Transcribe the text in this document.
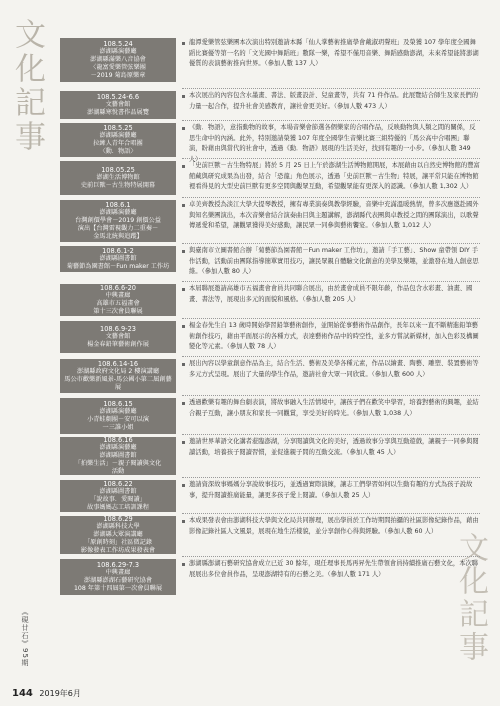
文化記事
文化記事
《硯廿石》95期
108.5.24
澎湖縣演藝廳
澎湖縣滿樂八音協會
〈龍富愛樂管弦樂團
－2019 菊島原樂章
龍潭愛樂管弦樂團本次演出特別邀請本縣「仙人掌藝術推廣學會戴淑玥聲班」及榮獲 107 學年度全國舞蹈比賽優等第一名的「文光國中舞蹈班」數隊一樂，希望不僅用音樂、舞蹈感動澎湖，未來希望能將澎湖優質的表演藝術推向世界。（參加人數 137 人）
108.5.24-6.6
文藝會館
澎湖縣寒悅書作品展覽
本次展出的內容包含水墨畫、書法、版畫設計、兒童畫等，共有 71 件作品。此展覽結合師生及家長們的力量一起合作，提升社會美感教育，讓社會更美好。（參加人數 473 人）
108.5.25
澎湖縣演藝廳
拉縴人青年合唱團
〈動．物語〉
《動．物語》，意指動物的故事，本場音樂會節選各個樂家的合唱作品，反映動物與人類之間的關係，反思生命中的內涵。此外，特別邀請榮獲 107 年度全國學生音樂比賽三組特優的「馬公高中合唱團」聯演，盼藉由與當代的社會中，透過《動．物語》展現的生活美好，找到有趣的一小步。（參加人數 349 人）
108.05.25
澎湖生活博物館
史前巨獸－古生物特展開幕
「史前巨獸－古生物特展」將於 5 月 25 日上午於澎湖生活博物館開展，本展藉由以自然史博物館的豐富館藏與研究成果為出發，結合「恐龍」角色展示，透過「史前巨獸－古生物」特展，讓平常只能在博物館裡看得見的大型史前巨獸有更多空間與觀眾互動，希望觀眾能有更深入的認識。（參加人數 1,302 人）
108.6.1
澎湖縣演藝廳
台灣創價學會－2019 創價公益
演出【台灣雷視觀力二重奏－
金馬北統與追蹤】
卓美齊教授為淡江大學大提琴教授，擁有專業演奏與教學經驗，音樂中充滿溫暖熱情，曾多次應邀赴國外與知名樂團演出，本次音樂會結合演奏曲目與主題講解，澎湖縣代表團與卓教授之間的團隊演出，以歌聲傳遞愛和希望，讓觀眾獲得美好感動，讓民眾一同參與藝術饗宴。（參加人數 1,012 人）
108.6.1-2
澎湖縣圖書館
菊藝節為園書館－Fun maker 工作坊
與臺南市立圖書館合辦「菊藝節為園書館－Fun maker 工作坊」，邀請「手工藝」、Show 童帶領 DIY 手作活動，活動前由團隊指導簡單實用技巧，讓民眾親自體驗文化創意的美學及樂趣，並激發在地人創意思維。（參加人數 80 人）
108.6.6-20
中興畫廊
高雄市五福畫會
第十三次會員聯展
本屆聯展邀請高雄市五福畫會會員共同聯合展出，由於畫會成員不限年齡，作品包含水彩畫、油畫、國畫、書法等，展現出多元的面貌和風格。（參加人數 205 人）
108.6.9-23
文藝會館
楊金春鉛筆藝術創作展
楊金春先生自 13 歲時開始學習鉛筆藝術創作，並開始從事藝術作品創作，長年以來一直不斷精進鉛筆藝術創作技巧，藉由平面展示的各種方式，表達藝術作品中的時空性，並多方嘗試新媒材，加入色彩及構圖變化等元素。（參加人數 78 人）
108.6.14-16
澎湖縣政府文化局 2 樓演講廳
馬公市歡樂新風景-馬公國小第二屆創藝展
展出內容以學童創意作品為主，結合生活、藝術及美學各種元素，作品以繪畫、陶藝、雕塑、裝置藝術等多元方式呈現。展出了大量的學生作品，邀請社會大眾一同欣賞。（參加人數 600 人）
108.6.15
澎湖縣演藝廳
小青蛙劇團－安可以演
一三誰小姐
透過歡樂有趣的舞台劇表演，將故事融入生活情境中，讓孩子們在歡笑中學習，培養對藝術的興趣，並結合親子互動，讓小朋友和家長一同觀賞，享受美好的時光。（參加人數 1,038 人）
108.6.16
澎湖縣演藝廳
澎湖縣圖書館
「拍樂生活」－親子閱讀與文化
活動
邀請世界華語文化講者蒞臨澎湖，分享閱讀與文化的美好，透過故事分享與互動遊戲，讓親子一同參與閱讀活動，培養孩子閱讀習慣，並促進親子間的互動交流。（參加人數 45 人）
108.6.22
澎湖縣圖書館
「說故事．愛閱讀」
故事媽媽志工培訓課程
邀請資深故事媽媽分享說故事技巧，並透過實際演練，讓志工們學習如何以生動有趣的方式為孩子說故事，提升閱讀推廣能量，讓更多孩子愛上閱讀。（參加人數 25 人）
108.6.29
澎湖縣科技大學
澎湖縣大眾演講廳
「原創時刻」社區微記錄
影像發表工作坊成果發表會
本成果發表會由澎湖科技大學與文化局共同辦理，展出學員於工作坊期間拍攝的社區影像紀錄作品，藉由影像記錄社區人文風景，展現在地生活樣貌，並分享創作心得與經驗。（參加人數 60 人）
108.6.29-7.3
中興畫廊
澎湖縣澎湖石藝研究協會
108 年第十四屆第一次會員聯展
澎湖縣澎湖石藝研究協會成立已近 30 餘年，現任理事長馬再昇先生帶領會員持續推廣石藝文化，本次聯展展出多位會員作品，呈現澎湖特有的石藝之美。（參加人數 171 人）
144 2019年6月
